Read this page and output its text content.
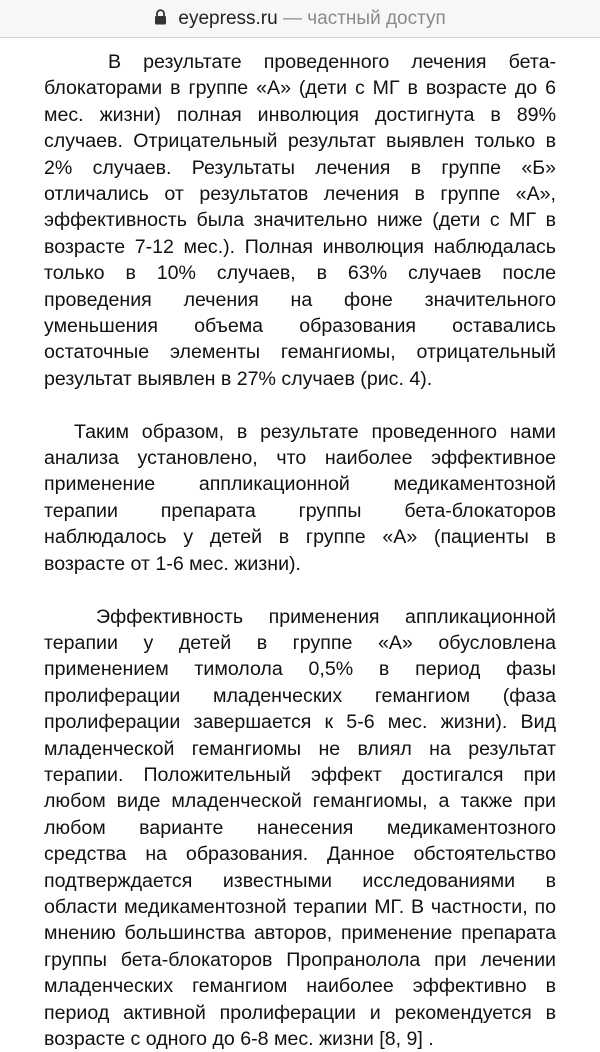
eyepress.ru — частный доступ

В результате проведенного лечения бета-блокаторами в группе «А» (дети с МГ в возрасте до 6 мес. жизни) полная инволюция достигнута в 89% случаев. Отрицательный результат выявлен только в 2% случаев. Результаты лечения в группе «Б» отличались от результатов лечения в группе «А», эффективность была значительно ниже (дети с МГ в возрасте 7-12 мес.). Полная инволюция наблюдалась только в 10% случаев, в 63% случаев после проведения лечения на фоне значительного уменьшения объема образования оставались остаточные элементы гемангиомы, отрицательный результат выявлен в 27% случаев (рис. 4).

Таким образом, в результате проведенного нами анализа установлено, что наиболее эффективное применение аппликационной медикаментозной терапии препарата группы бета-блокаторов наблюдалось у детей в группе «А» (пациенты в возрасте от 1-6 мес. жизни).

Эффективность применения аппликационной терапии у детей в группе «А» обусловлена применением тимолола 0,5% в период фазы пролиферации младенческих гемангиом (фаза пролиферации завершается к 5-6 мес. жизни). Вид младенческой гемангиомы не влиял на результат терапии. Положительный эффект достигался при любом виде младенческой гемангиомы, а также при любом варианте нанесения медикаментозного средства на образования. Данное обстоятельство подтверждается известными исследованиями в области медикаментозной терапии МГ. В частности, по мнению большинства авторов, применение препарата группы бета-блокаторов Пропранолола при лечении младенческих гемангиом наиболее эффективно в период активной пролиферации и рекомендуется в возрасте с одного до 6-8 мес. жизни [8, 9] .
